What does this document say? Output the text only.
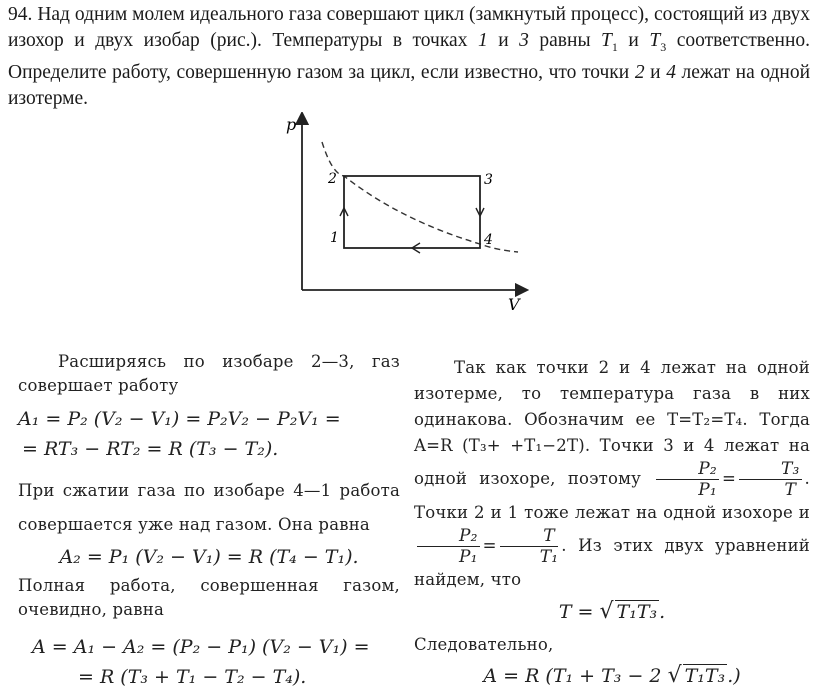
94. Над одним молем идеального газа совершают цикл (замкнутый процесс), состоящий из двух изохор и двух изобар (рис.). Температуры в точках 1 и 3 равны $T_1$ и $T_3$ соответственно. Определите работу, совершенную газом за цикл, если известно, что точки 2 и 4 лежат на одной изотерме.

p
V
1
2	3
4

Расширяясь по изобаре 2—3, газ совершает работу

A₁ = P₂ (V₂ − V₁) = P₂V₂ − P₂V₁ =

= RT₃ − RT₂ = R (T₃ − T₂).

При сжатии газа по изобаре 4—1 работа совершается уже над газом. Она равна

A₂ = P₁ (V₂ − V₁) = R (T₄ − T₁).

Полная работа, совершенная газом, очевидно, равна

A = A₁ − A₂ = (P₂ − P₁) (V₂ − V₁) =

= R (T₃ + T₁ − T₂ − T₄).

Так как точки 2 и 4 лежат на одной изотерме, то температура газа в них одинакова. Обозначим ее T=T₂=T₄. Тогда A=R (T₃+ +T₁−2T). Точки 3 и 4 лежат на одной изохоре, поэтому $\frac{\text{P₂}}{\text{P₁}} = \frac{\text{T₃}}{T}$ . Точки 2 и 1 тоже лежат на одной изохоре и
$\frac{\text{P₂}}{\text{P₁}} = \frac{T}{\text{T₁}}$ . Из этих двух уравнений найдем, что

T = √ T₁T₃ .

Следовательно,

A = R (T₁ + T₃ − 2 √ T₁T₃ .)
